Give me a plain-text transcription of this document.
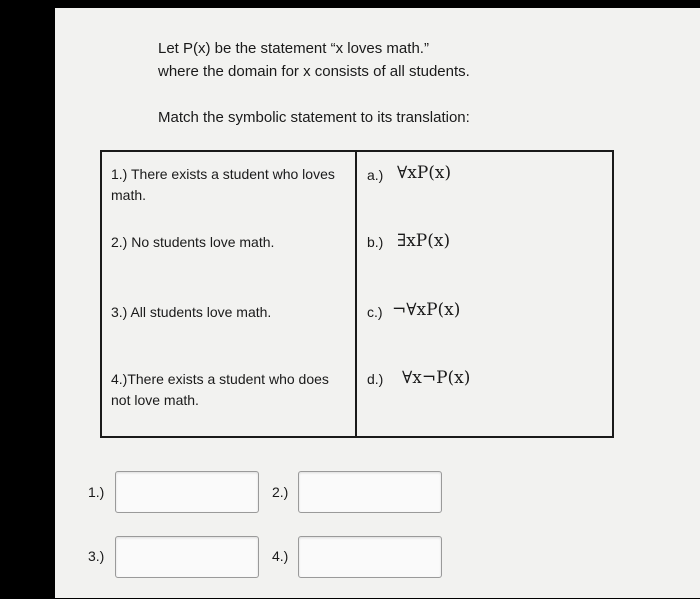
Let P(x) be the statement “x loves math.”
where the domain for x consists of all students.
Match the symbolic statement to its translation:
1.) There exists a student who loves math.
2.) No students love math.
3.) All students love math.
4.)There exists a student who does not love math.
a.) ∀xP(x)
b.) ∃xP(x)
c.) ¬∀xP(x)
d.) ∀x¬P(x)
1.)	2.)
3.)	4.)
